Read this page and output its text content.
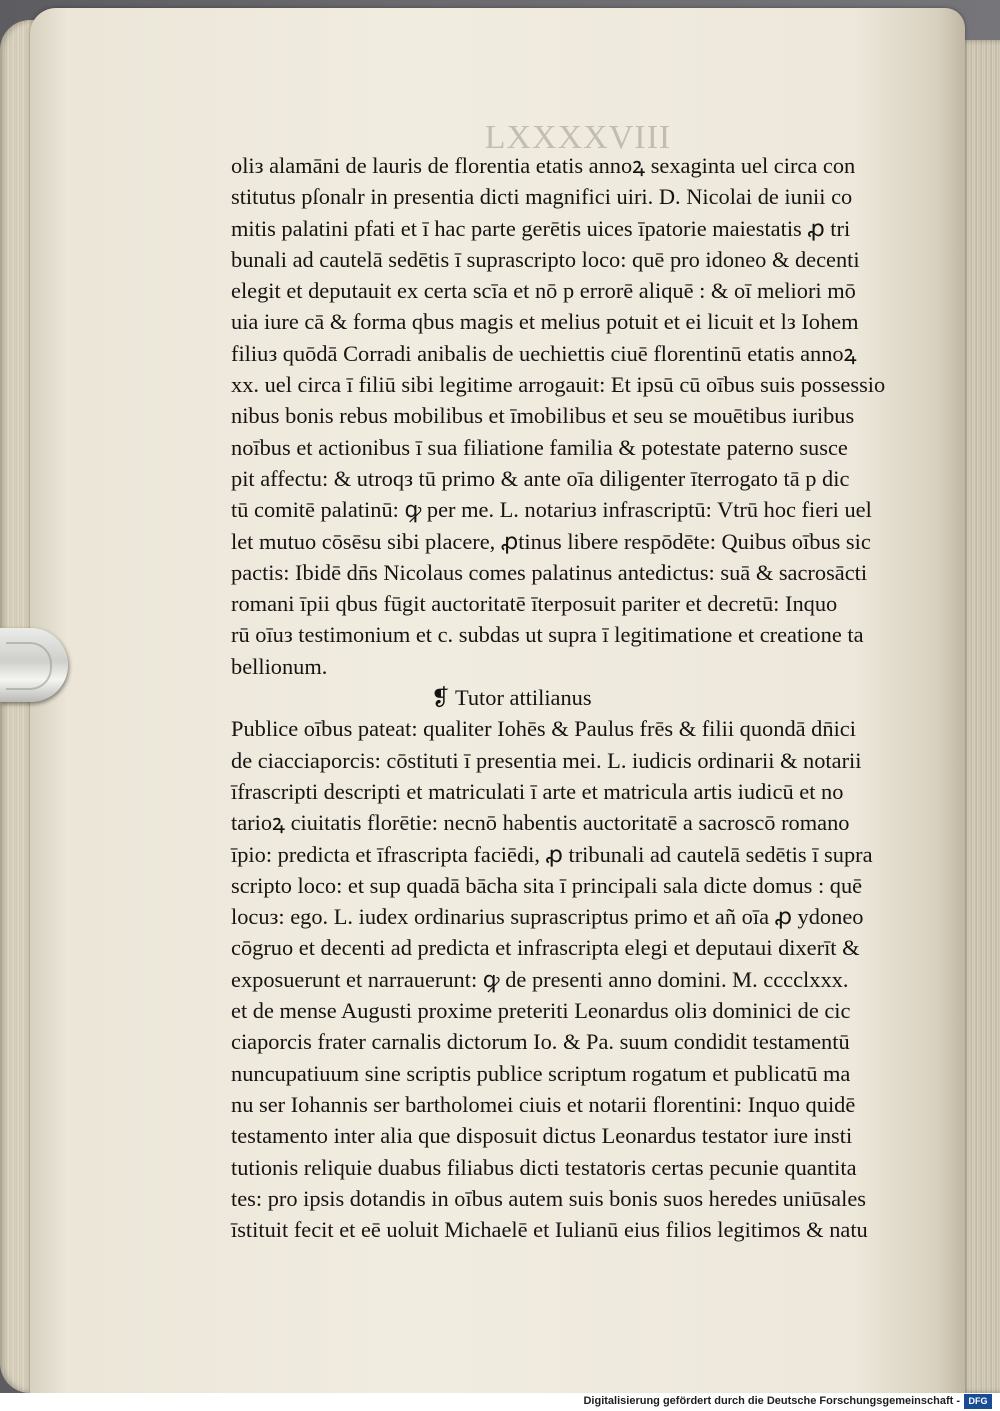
LXXXXVIII
oliз alamāni de lauris de florentia etatis annoꝝ sexaginta uel circa con
stitutus pſonalr in presentia dicti magnifici uiri. D. Nicolai de iunii co
mitis palatini pfati et ī hac parte gerētis uices īpatorie maiestatis ꝓ tri
bunali ad cautelā sedētis ī suprascripto loco: quē pro idoneo & decenti
elegit et deputauit ex certa scīa et nō p errorē aliquē : & oī meliori mō
uia iure cā & forma qbus magis et melius potuit et ei licuit et lз Iohem
filiuз quōdā Corradi anibalis de uechiettis ciuē florentinū etatis annoꝝ
xx. uel circa ī filiū sibi legitime arrogauit: Et ipsū cū oībus suis possessio
nibus bonis rebus mobilibus et īmobilibus et seu se mouētibus iuribus
noībus et actionibus ī sua filiatione familia & potestate paterno susce
pit affectu: & utroqз tū primo & ante oīa diligenter īterrogato tā p dic
tū comitē palatinū: ꝙ per me. L. notariuз infrascriptū: Vtrū hoc fieri uel
let mutuo cōsēsu sibi placere, ꝓtinus libere respōdēte: Quibus oībus sic
pactis: Ibidē dn̄s Nicolaus comes palatinus antedictus: suā & sacrosācti
romani īpii qbus fūgit auctoritatē īterposuit pariter et decretū: Inquo
rū oīuз testimonium et c. subdas ut supra ī legitimatione et creatione ta
bellionum.
❡ Tutor attilianus
Publice oībus pateat: qualiter Iohēs & Paulus frēs & filii quondā dn̄ici
de ciacciaporcis: cōstituti ī presentia mei. L. iudicis ordinarii & notarii
īfrascripti descripti et matriculati ī arte et matricula artis iudicū et no
tarioꝝ ciuitatis florētie: necnō habentis auctoritatē a sacroscō romano
īpio: predicta et īfrascripta faciēdi, ꝓ tribunali ad cautelā sedētis ī supra
scripto loco: et sup quadā bācha sita ī principali sala dicte domus : quē
locuз: ego. L. iudex ordinarius suprascriptus primo et añ oīa ꝓ ydoneo
cōgruo et decenti ad predicta et infrascripta elegi et deputaui dixerīt &
exposuerunt et narrauerunt: ꝙ de presenti anno domini. M. cccclxxx.
et de mense Augusti proxime preteriti Leonardus oliз dominici de cic
ciaporcis frater carnalis dictorum Io. & Pa. suum condidit testamentū
nuncupatiuum sine scriptis publice scriptum rogatum et publicatū ma
nu ser Iohannis ser bartholomei ciuis et notarii florentini: Inquo quidē
testamento inter alia que disposuit dictus Leonardus testator iure insti
tutionis reliquie duabus filiabus dicti testatoris certas pecunie quantita
tes: pro ipsis dotandis in oībus autem suis bonis suos heredes uniūsales
īstituit fecit et eē uoluit Michaelē et Iulianū eius filios legitimos & natu
Digitalisierung gefördert durch die Deutsche Forschungsgemeinschaft - DFG
